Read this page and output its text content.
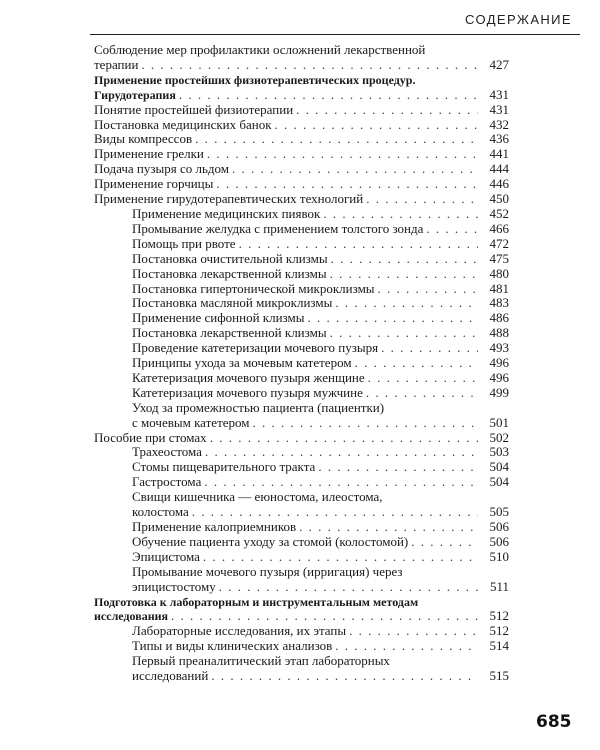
СОДЕРЖАНИЕ
Соблюдение мер профилактики осложнений лекарственной
терапии . . .	427
Применение простейших физиотерапевтических процедур.
Гирудотерапия . . .	431
Понятие простейшей физиотерапии . . .	431
Постановка медицинских банок . . .	432
Виды компрессов . . .	436
Применение грелки . . .	441
Подача пузыря со льдом . . .	444
Применение горчицы . . .	446
Применение гирудотерапевтических технологий . . .	450
Применение медицинских пиявок . . .	452
Промывание желудка с применением толстого зонда . . .	466
Помощь при рвоте . . .	472
Постановка очистительной клизмы . . .	475
Постановка лекарственной клизмы . . .	480
Постановка гипертонической микроклизмы . . .	481
Постановка масляной микроклизмы . . .	483
Применение сифонной клизмы . . .	486
Постановка лекарственной клизмы . . .	488
Проведение катетеризации мочевого пузыря . . .	493
Принципы ухода за мочевым катетером . . .	496
Катетеризация мочевого пузыря женщине . . .	496
Катетеризация мочевого пузыря мужчине . . .	499
Уход за промежностью пациента (пациентки)
с мочевым катетером . . .	501
Пособие при стомах . . .	502
Трахеостома . . .	503
Стомы пищеварительного тракта . . .	504
Гастростома . . .	504
Свищи кишечника — еюностома, илеостома,
колостома . . .	505
Применение калоприемников . . .	506
Обучение пациента уходу за стомой (колостомой) . . .	506
Эпицистома . . .	510
Промывание мочевого пузыря (ирригация) через
эпицистостому . . .	511
Подготовка к лабораторным и инструментальным методам
исследования . . .	512
Лабораторные исследования, их этапы . . .	512
Типы и виды клинических анализов . . .	514
Первый преаналитический этап лабораторных
исследований . . .	515
685
